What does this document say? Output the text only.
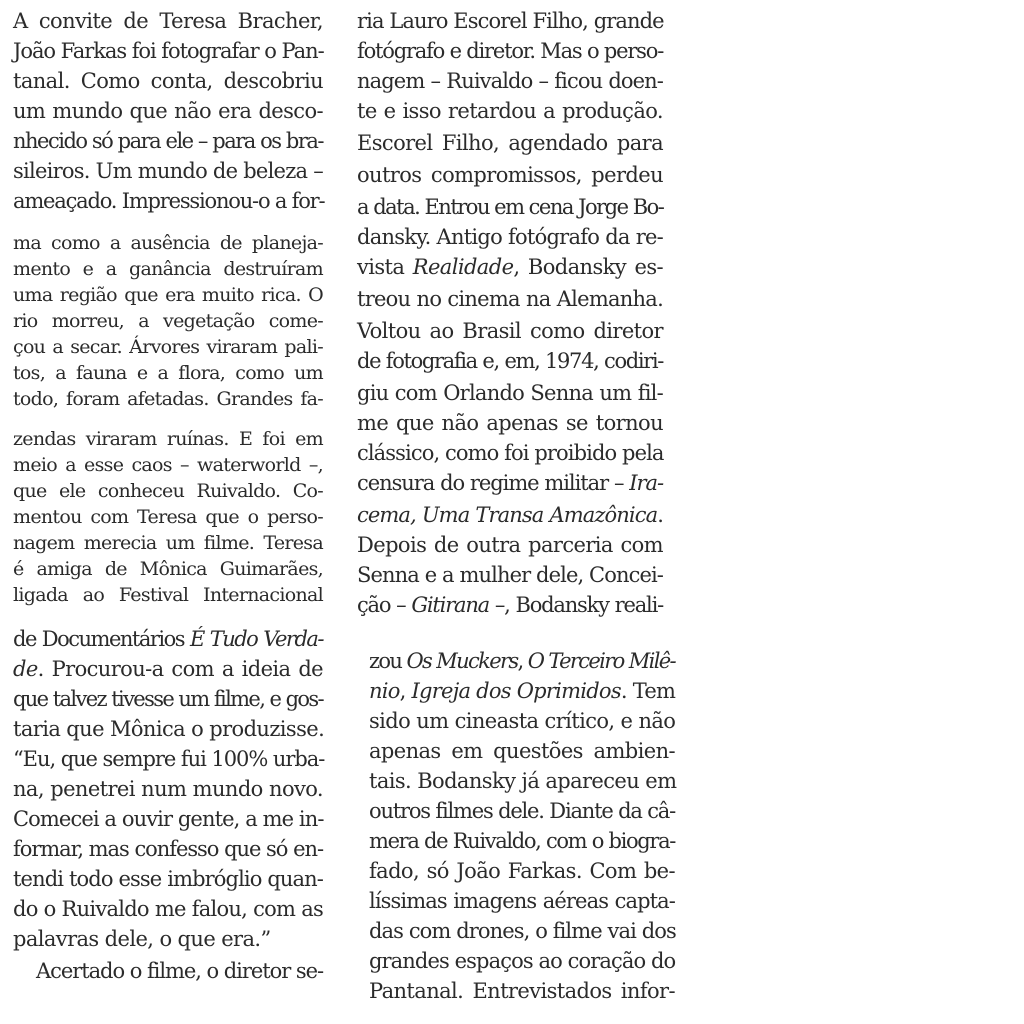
A convite de Teresa Bracher,
João Farkas foi fotografar o Pan-
tanal. Como conta, descobriu
um mundo que não era desco-
nhecido só para ele – para os bra-
sileiros. Um mundo de beleza –
ameaçado. Impressionou-o a for-
ma como a ausência de planeja-
mento e a ganância destruíram
uma região que era muito rica. O
rio morreu, a vegetação come-
çou a secar. Árvores viraram pali-
tos, a fauna e a flora, como um
todo, foram afetadas. Grandes fa-
zendas viraram ruínas. E foi em
meio a esse caos – waterworld –,
que ele conheceu Ruivaldo. Co-
mentou com Teresa que o perso-
nagem merecia um filme. Teresa
é amiga de Mônica Guimarães,
ligada ao Festival Internacional
de Documentários É Tudo Verda-
de. Procurou-a com a ideia de
que talvez tivesse um filme, e gos-
taria que Mônica o produzisse.
“Eu, que sempre fui 100% urba-
na, penetrei num mundo novo.
Comecei a ouvir gente, a me in-
formar, mas confesso que só en-
tendi todo esse imbróglio quan-
do o Ruivaldo me falou, com as
palavras dele, o que era.”
Acertado o filme, o diretor se-
ria Lauro Escorel Filho, grande
fotógrafo e diretor. Mas o perso-
nagem – Ruivaldo – ficou doen-
te e isso retardou a produção.
Escorel Filho, agendado para
outros compromissos, perdeu
a data. Entrou em cena Jorge Bo-
dansky. Antigo fotógrafo da re-
vista Realidade, Bodansky es-
treou no cinema na Alemanha.
Voltou ao Brasil como diretor
de fotografia e, em, 1974, codiri-
giu com Orlando Senna um fil-
me que não apenas se tornou
clássico, como foi proibido pela
censura do regime militar – Ira-
cema, Uma Transa Amazônica.
Depois de outra parceria com
Senna e a mulher dele, Concei-
ção – Gitirana –, Bodansky reali-
zou Os Muckers, O Terceiro Milê-
nio, Igreja dos Oprimidos. Tem
sido um cineasta crítico, e não
apenas em questões ambien-
tais. Bodansky já apareceu em
outros filmes dele. Diante da câ-
mera de Ruivaldo, com o biogra-
fado, só João Farkas. Com be-
líssimas imagens aéreas capta-
das com drones, o filme vai dos
grandes espaços ao coração do
Pantanal. Entrevistados infor-
